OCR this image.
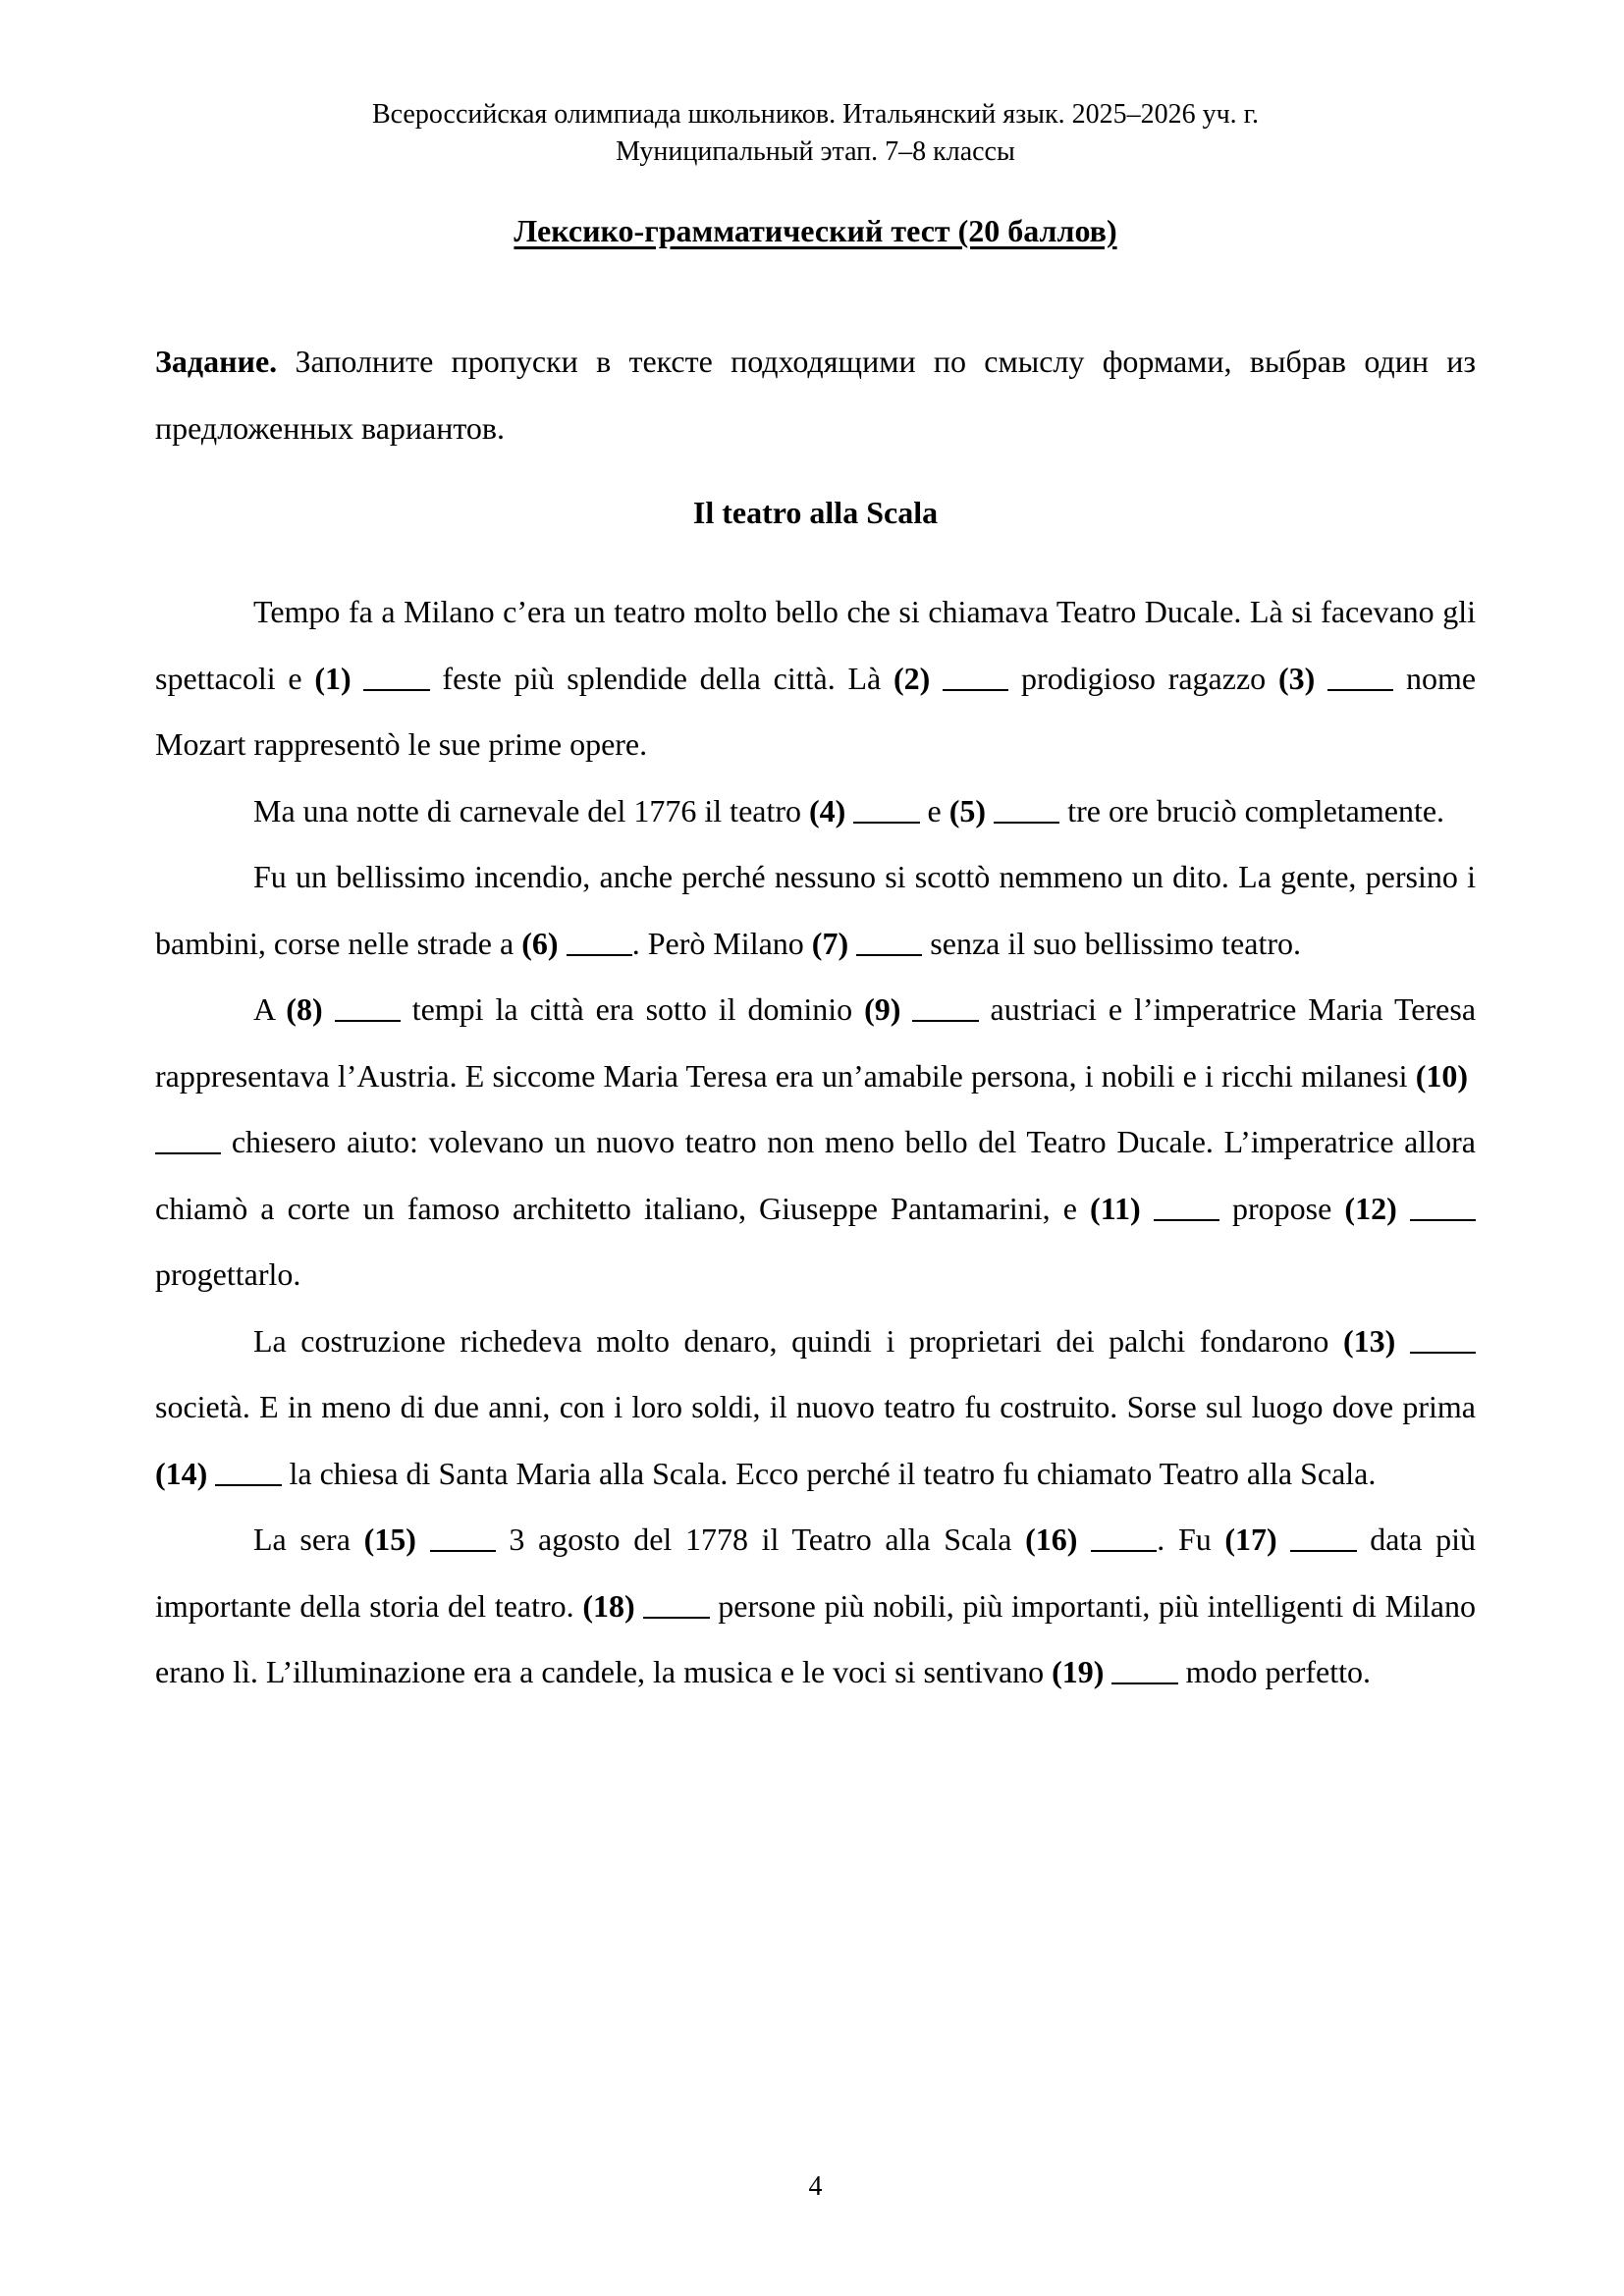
Всероссийская олимпиада школьников. Итальянский язык. 2025–2026 уч. г.
Муниципальный этап. 7–8 классы
Лексико-грамматический тест (20 баллов)
Задание. Заполните пропуски в тексте подходящими по смыслу формами, выбрав один из предложенных вариантов.
Il teatro alla Scala

Tempo fa a Milano c’era un teatro molto bello che si chiamava Teatro Ducale. Là si facevano gli spettacoli e (1)  feste più splendide della città. Là (2)  prodigioso ragazzo (3)  nome Mozart rappresentò le sue prime opere.

Ma una notte di carnevale del 1776 il teatro (4)  e (5)  tre ore bruciò completamente.

Fu un bellissimo incendio, anche perché nessuno si scottò nemmeno un dito. La gente, persino i bambini, corse nelle strade a (6) . Però Milano (7)  senza il suo bellissimo teatro.

A (8)  tempi la città era sotto il dominio (9)  austriaci e l’imperatrice Maria Teresa rappresentava l’Austria. E siccome Maria Teresa era un’amabile persona, i nobili e i ricchi milanesi (10)  chiesero aiuto: volevano un nuovo teatro non meno bello del Teatro Ducale. L’imperatrice allora chiamò a corte un famoso architetto italiano, Giuseppe Pantamarini, e (11)	propose (12)  progettarlo.

La costruzione richedeva molto denaro, quindi i proprietari dei palchi fondarono (13)  società. E in meno di due anni, con i loro soldi, il nuovo teatro fu costruito. Sorse sul luogo dove prima (14)  la chiesa di Santa Maria alla Scala. Ecco perché il teatro fu chiamato Teatro alla Scala.

La sera (15)	3 agosto del 1778 il Teatro alla Scala (16)	. Fu (17)	data più importante della storia del teatro. (18)  persone più nobili, più importanti, più intelligenti di Milano erano lì. L’illuminazione era a candele, la musica e le voci si sentivano (19)  modo perfetto.

4
